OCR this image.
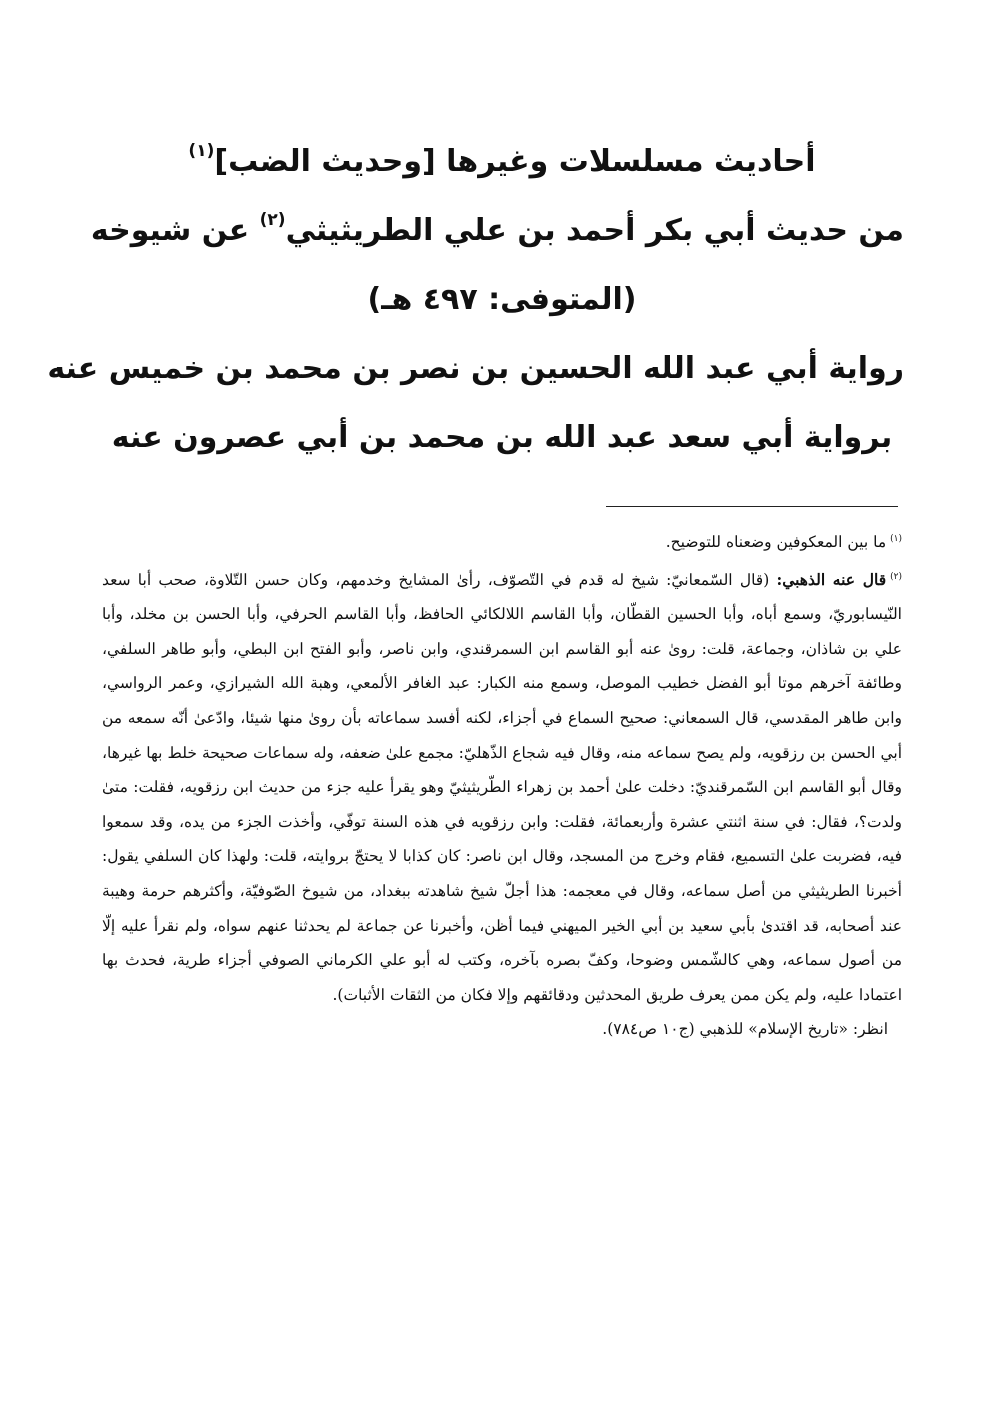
أحاديث مسلسلات وغيرها [وحديث الضب]$^{(١)}$
من حديث أبي بكر أحمد بن علي الطريثيثي$^{(٢)}$ عن شيوخه
(المتوفى: ٤٩٧ هـ)
رواية أبي عبد الله الحسين بن نصر بن محمد بن خميس عنه
برواية أبي سعد عبد الله بن محمد بن أبي عصرون عنه

$^{(١)}$ما بين المعكوفين وضعناه للتوضيح.

$^{(٢)}$قال عنه الذهبي: (قال السّمعانيّ: شيخ له قدم في التّصوّف، رأىٰ المشايخ وخدمهم، وكان حسن التّلاوة، صحب أبا سعد النّيسابوريّ، وسمع أباه، وأبا الحسين القطّان، وأبا القاسم اللالكائي الحافظ، وأبا القاسم الحرفي، وأبا الحسن بن مخلد، وأبا علي بن شاذان، وجماعة، قلت: روىٰ عنه أبو القاسم ابن السمرقندي، وابن ناصر، وأبو الفتح ابن البطي، وأبو طاهر السلفي، وطائفة آخرهم موتا أبو الفضل خطيب الموصل، وسمع منه الكبار: عبد الغافر الألمعي، وهبة الله الشيرازي، وعمر الرواسي، وابن طاهر المقدسي، قال السمعاني: صحيح السماع في أجزاء، لكنه أفسد سماعاته بأن روىٰ منها شيئا، وادّعىٰ أنّه سمعه من أبي الحسن بن رزقويه، ولم يصح سماعه منه، وقال فيه شجاع الذّهليّ: مجمع علىٰ ضعفه، وله سماعات صحيحة خلط بها غيرها، وقال أبو القاسم ابن السّمرقنديّ: دخلت علىٰ أحمد بن زهراء الطّريثيثيّ وهو يقرأ عليه جزء من حديث ابن رزقويه، فقلت: متىٰ ولدت؟، فقال: في سنة اثنتي عشرة وأربعمائة، فقلت: وابن رزقويه في هذه السنة توفّي، وأخذت الجزء من يده، وقد سمعوا فيه، فضربت علىٰ التسميع، فقام وخرج من المسجد، وقال ابن ناصر: كان كذابا لا يحتجّ بروايته، قلت: ولهذا كان السلفي يقول: أخبرنا الطريثيثي من أصل سماعه، وقال في معجمه: هذا أجلّ شيخ شاهدته ببغداد، من شيوخ الصّوفيّة، وأكثرهم حرمة وهيبة عند أصحابه، قد اقتدىٰ بأبي سعيد بن أبي الخير الميهني فيما أظن، وأخبرنا عن جماعة لم يحدثنا عنهم سواه، ولم نقرأ عليه إلّا من أصول سماعه، وهي كالشّمس وضوحا، وكفّ بصره بآخره، وكتب له أبو علي الكرماني الصوفي أجزاء طرية، فحدث بها اعتمادا عليه، ولم يكن ممن يعرف طريق المحدثين ودقائقهم وإلا فكان من الثقات الأثبات).

انظر: «تاريخ الإسلام» للذهبي (ج١٠ ص٧٨٤).
